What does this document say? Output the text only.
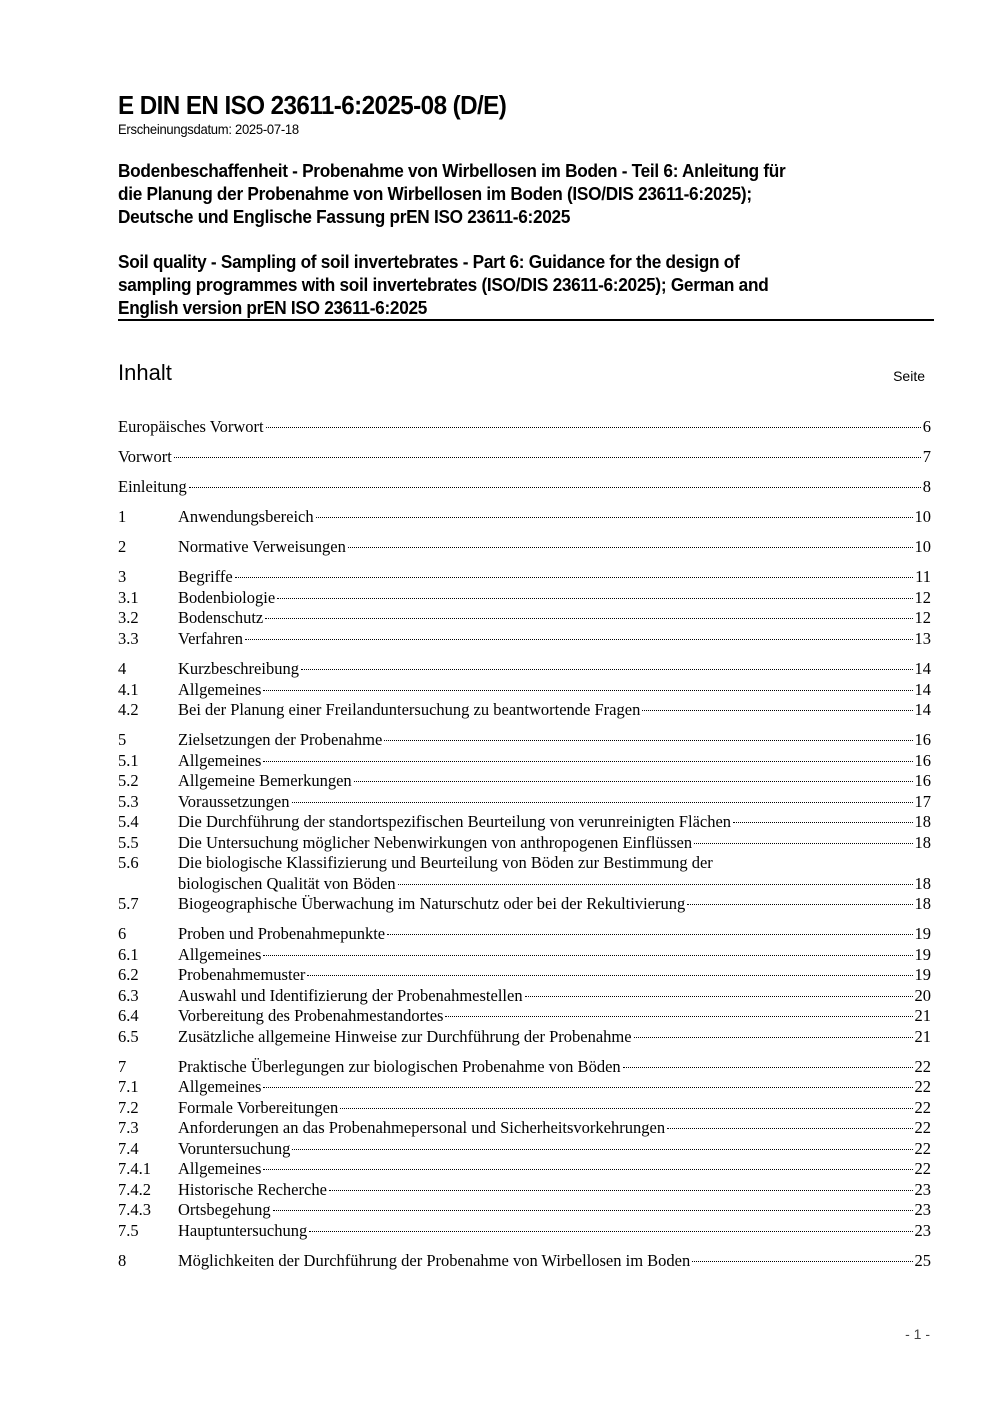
E DIN EN ISO 23611-6:2025-08 (D/E)
Erscheinungsdatum: 2025-07-18
Bodenbeschaffenheit - Probenahme von Wirbellosen im Boden - Teil 6: Anleitung für
die Planung der Probenahme von Wirbellosen im Boden (ISO/DIS 23611-6:2025);
Deutsche und Englische Fassung prEN ISO 23611-6:2025
Soil quality - Sampling of soil invertebrates - Part 6: Guidance for the design of
sampling programmes with soil invertebrates (ISO/DIS 23611-6:2025); German and
English version prEN ISO 23611-6:2025
Inhalt	Seite
Europäisches Vorwort	6
Vorwort	7
Einleitung	8
1	Anwendungsbereich	10
2	Normative Verweisungen	10
3	Begriffe	11
3.1	Bodenbiologie	12
3.2	Bodenschutz	12
3.3	Verfahren	13
4	Kurzbeschreibung	14
4.1	Allgemeines	14
4.2	Bei der Planung einer Freilanduntersuchung zu beantwortende Fragen	14
5	Zielsetzungen der Probenahme	16
5.1	Allgemeines	16
5.2	Allgemeine Bemerkungen	16
5.3	Voraussetzungen	17
5.4	Die Durchführung der standortspezifischen Beurteilung von verunreinigten Flächen	18
5.5	Die Untersuchung möglicher Nebenwirkungen von anthropogenen Einflüssen	18
5.6	Die biologische Klassifizierung und Beurteilung von Böden zur Bestimmung der
biologischen Qualität von Böden	18
5.7	Biogeographische Überwachung im Naturschutz oder bei der Rekultivierung	18
6	Proben und Probenahmepunkte	19
6.1	Allgemeines	19
6.2	Probenahmemuster	19
6.3	Auswahl und Identifizierung der Probenahmestellen	20
6.4	Vorbereitung des Probenahmestandortes	21
6.5	Zusätzliche allgemeine Hinweise zur Durchführung der Probenahme	21
7	Praktische Überlegungen zur biologischen Probenahme von Böden	22
7.1	Allgemeines	22
7.2	Formale Vorbereitungen	22
7.3	Anforderungen an das Probenahmepersonal und Sicherheitsvorkehrungen	22
7.4	Voruntersuchung	22
7.4.1	Allgemeines	22
7.4.2	Historische Recherche	23
7.4.3	Ortsbegehung	23
7.5	Hauptuntersuchung	23
8	Möglichkeiten der Durchführung der Probenahme von Wirbellosen im Boden	25
- 1 -
